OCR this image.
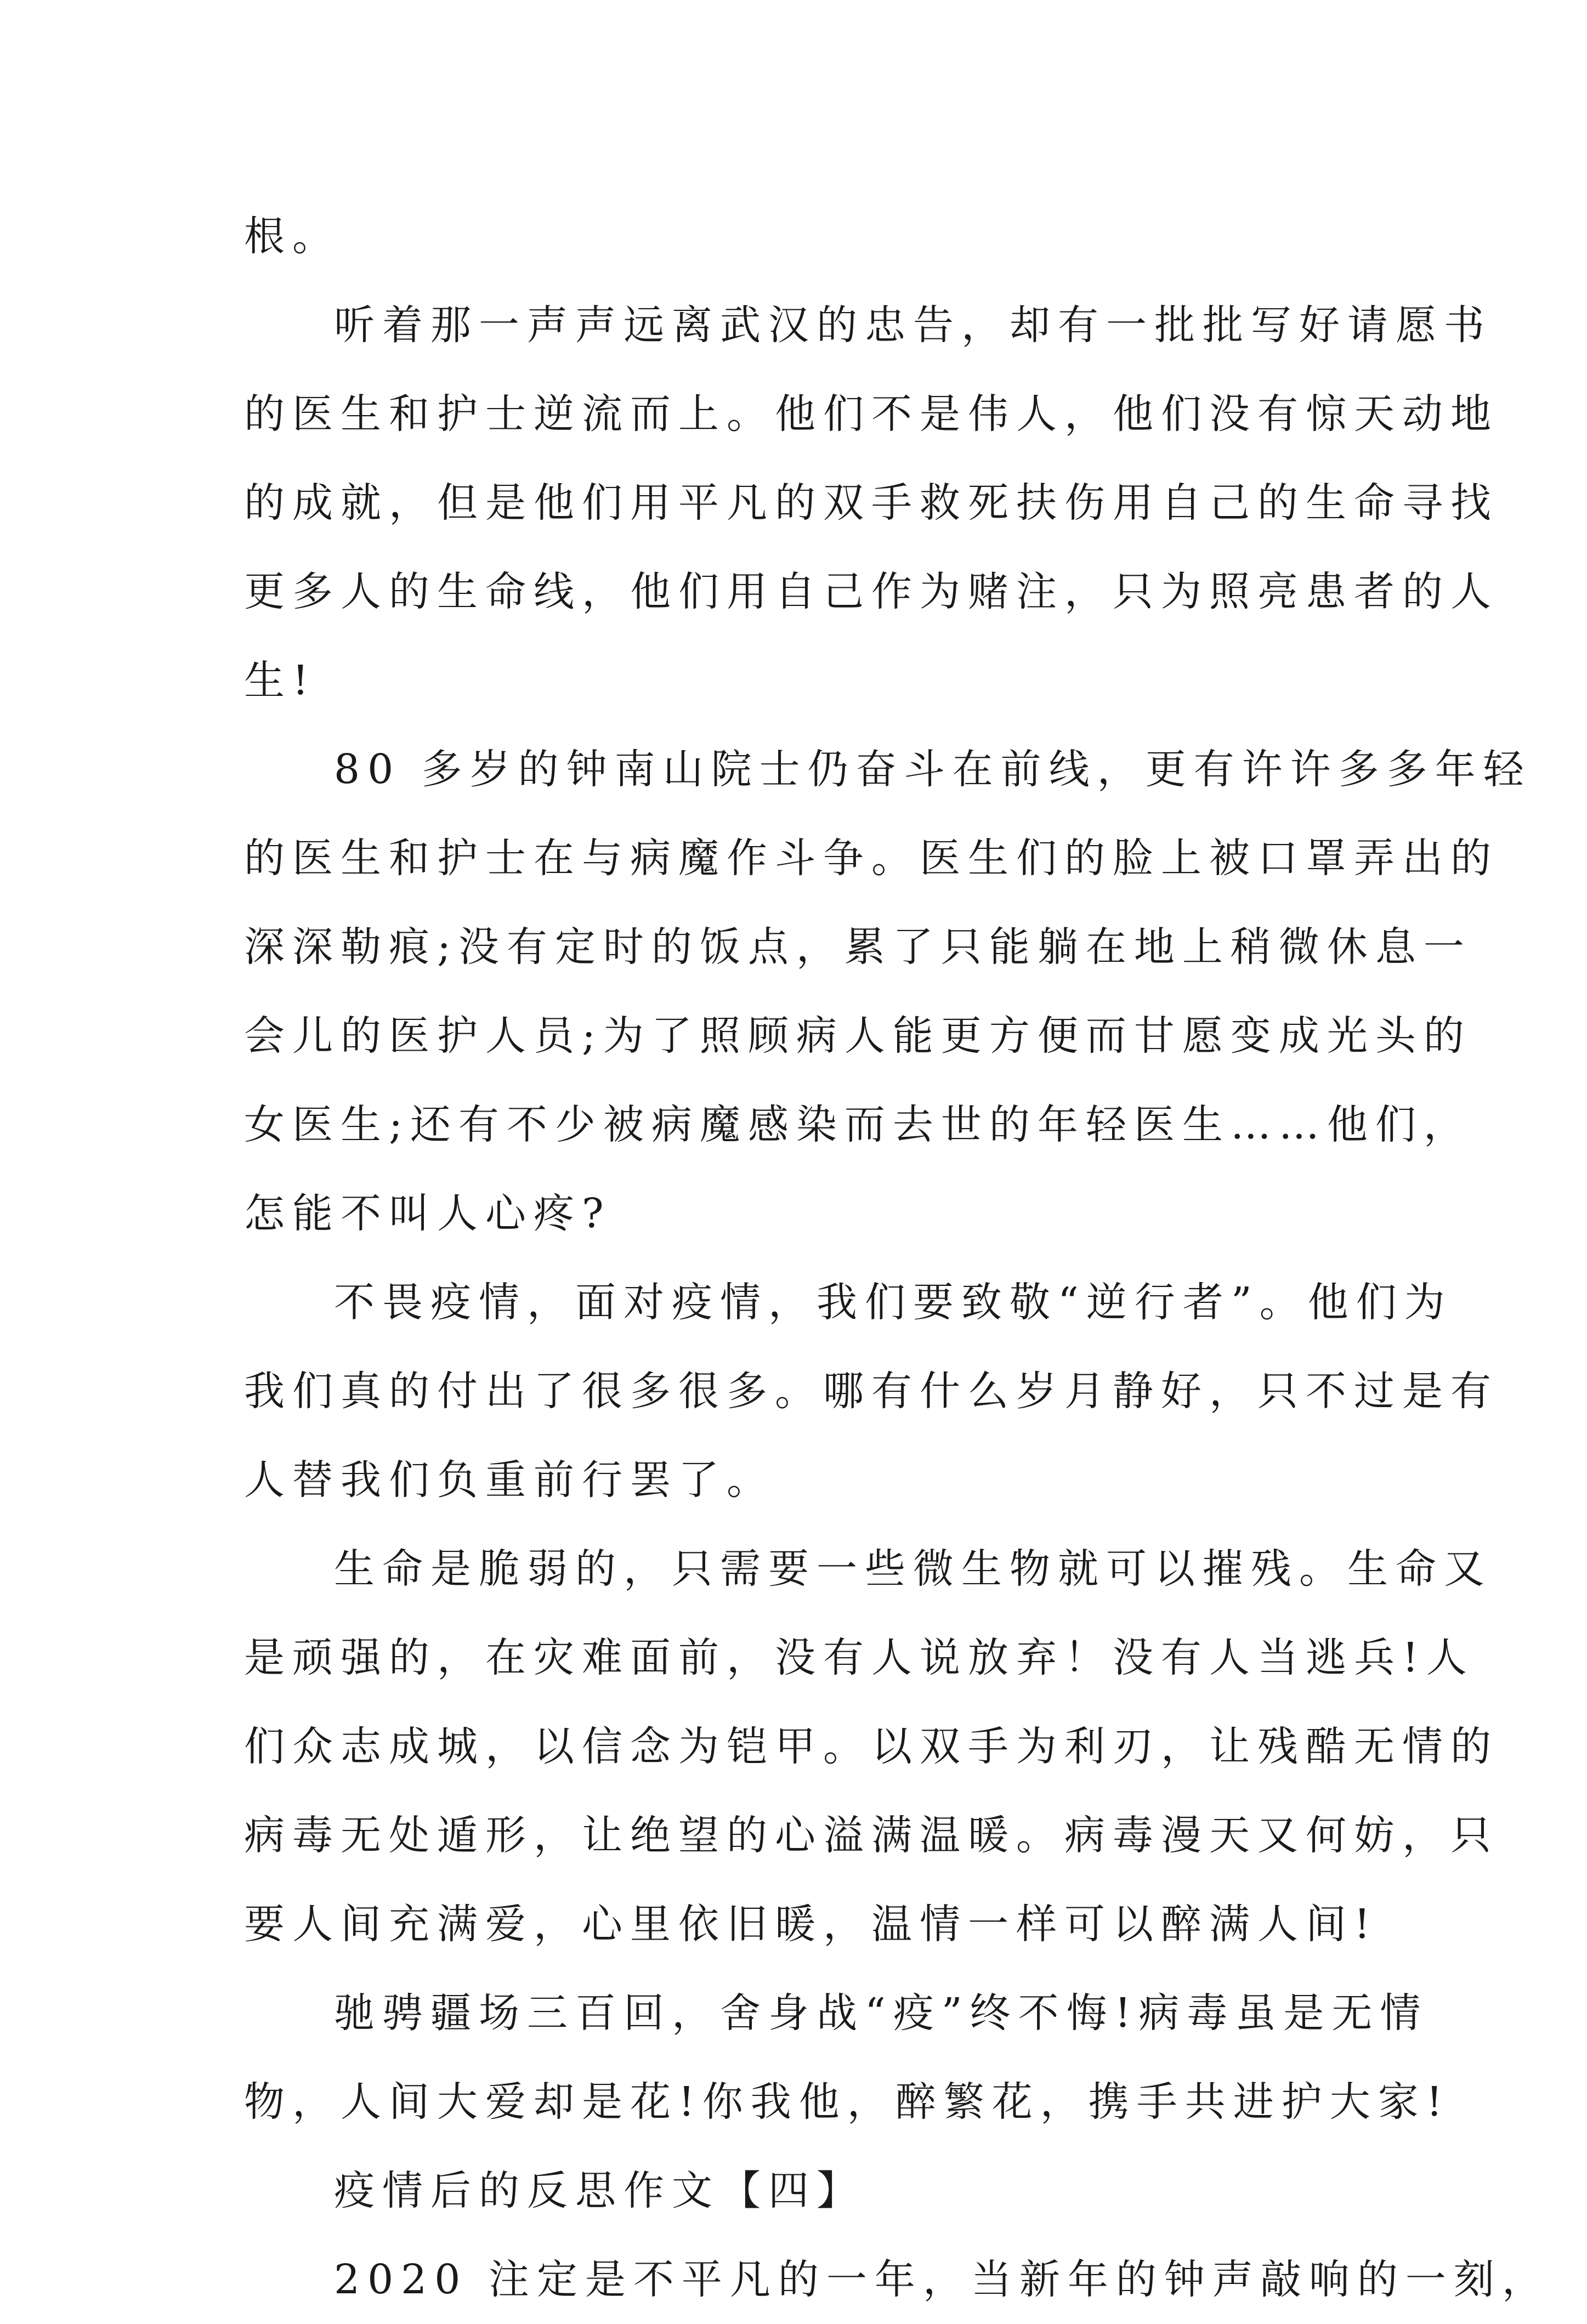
根。
听着那一声声远离武汉的忠告，却有一批批写好请愿书
的医生和护士逆流而上。他们不是伟人，他们没有惊天动地
的成就，但是他们用平凡的双手救死扶伤用自己的生命寻找
更多人的生命线，他们用自己作为赌注，只为照亮患者的人
生!
80 多岁的钟南山院士仍奋斗在前线，更有许许多多年轻
的医生和护士在与病魔作斗争。医生们的脸上被口罩弄出的
深深勒痕;没有定时的饭点，累了只能躺在地上稍微休息一
会儿的医护人员;为了照顾病人能更方便而甘愿变成光头的
女医生;还有不少被病魔感染而去世的年轻医生……他们，
怎能不叫人心疼?
不畏疫情，面对疫情，我们要致敬“逆行者”。他们为
我们真的付出了很多很多。哪有什么岁月静好，只不过是有
人替我们负重前行罢了。
生命是脆弱的，只需要一些微生物就可以摧残。生命又
是顽强的，在灾难面前，没有人说放弃！没有人当逃兵!人
们众志成城，以信念为铠甲。以双手为利刃，让残酷无情的
病毒无处遁形，让绝望的心溢满温暖。病毒漫天又何妨，只
要人间充满爱，心里依旧暖，温情一样可以醉满人间!
驰骋疆场三百回，舍身战“疫”终不悔!病毒虽是无情
物，人间大爱却是花!你我他，醉繁花，携手共进护大家!
疫情后的反思作文【四】
2020 注定是不平凡的一年，当新年的钟声敲响的一刻，
